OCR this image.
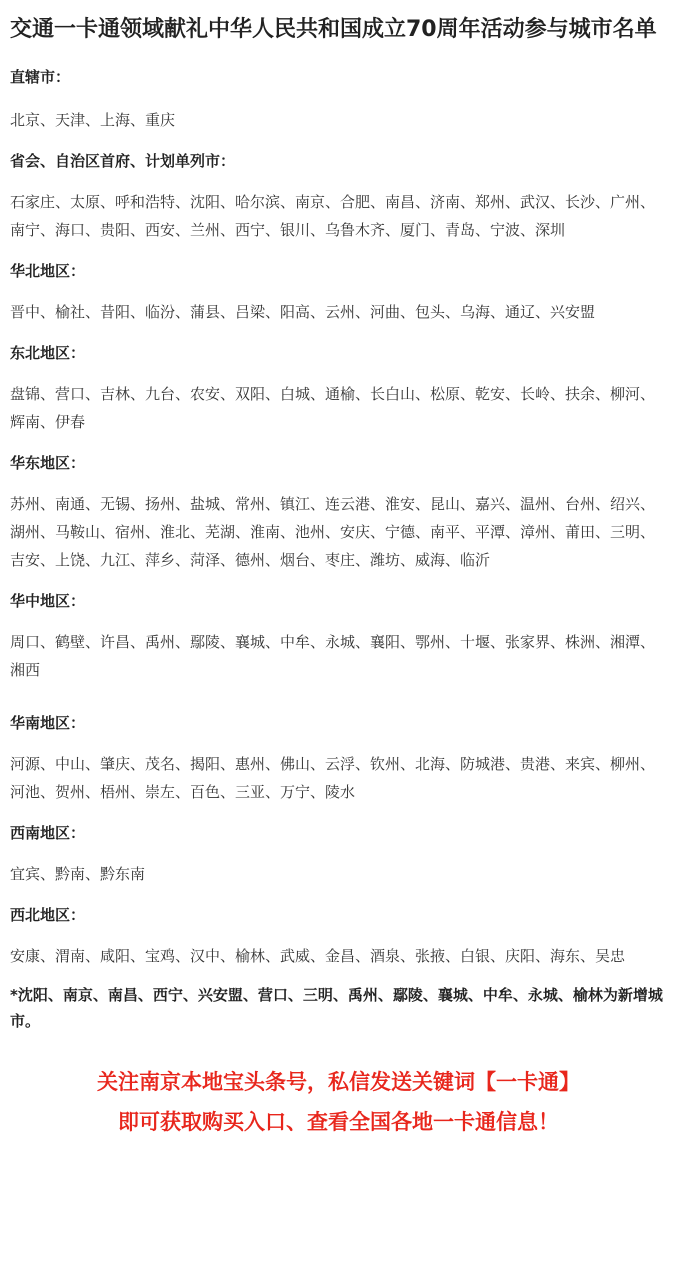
交通一卡通领域献礼中华人民共和国成立70周年活动参与城市名单

直辖市：

北京、天津、上海、重庆

省会、自治区首府、计划单列市：

石家庄、太原、呼和浩特、沈阳、哈尔滨、南京、合肥、南昌、济南、郑州、武汉、长沙、广州、南宁、海口、贵阳、西安、兰州、西宁、银川、乌鲁木齐、厦门、青岛、宁波、深圳

华北地区：

晋中、榆社、昔阳、临汾、蒲县、吕梁、阳高、云州、河曲、包头、乌海、通辽、兴安盟

东北地区：

盘锦、营口、吉林、九台、农安、双阳、白城、通榆、长白山、松原、乾安、长岭、扶余、柳河、辉南、伊春

华东地区：

苏州、南通、无锡、扬州、盐城、常州、镇江、连云港、淮安、昆山、嘉兴、温州、台州、绍兴、湖州、马鞍山、宿州、淮北、芜湖、淮南、池州、安庆、宁德、南平、平潭、漳州、莆田、三明、吉安、上饶、九江、萍乡、菏泽、德州、烟台、枣庄、潍坊、威海、临沂

华中地区：

周口、鹤壁、许昌、禹州、鄢陵、襄城、中牟、永城、襄阳、鄂州、十堰、张家界、株洲、湘潭、湘西

华南地区：

河源、中山、肇庆、茂名、揭阳、惠州、佛山、云浮、钦州、北海、防城港、贵港、来宾、柳州、河池、贺州、梧州、崇左、百色、三亚、万宁、陵水

西南地区：

宜宾、黔南、黔东南

西北地区：

安康、渭南、咸阳、宝鸡、汉中、榆林、武威、金昌、酒泉、张掖、白银、庆阳、海东、吴忠

*沈阳、南京、南昌、西宁、兴安盟、营口、三明、禹州、鄢陵、襄城、中牟、永城、榆林为新增城市。

关注南京本地宝头条号，私信发送关键词【一卡通】

即可获取购买入口、查看全国各地一卡通信息！
